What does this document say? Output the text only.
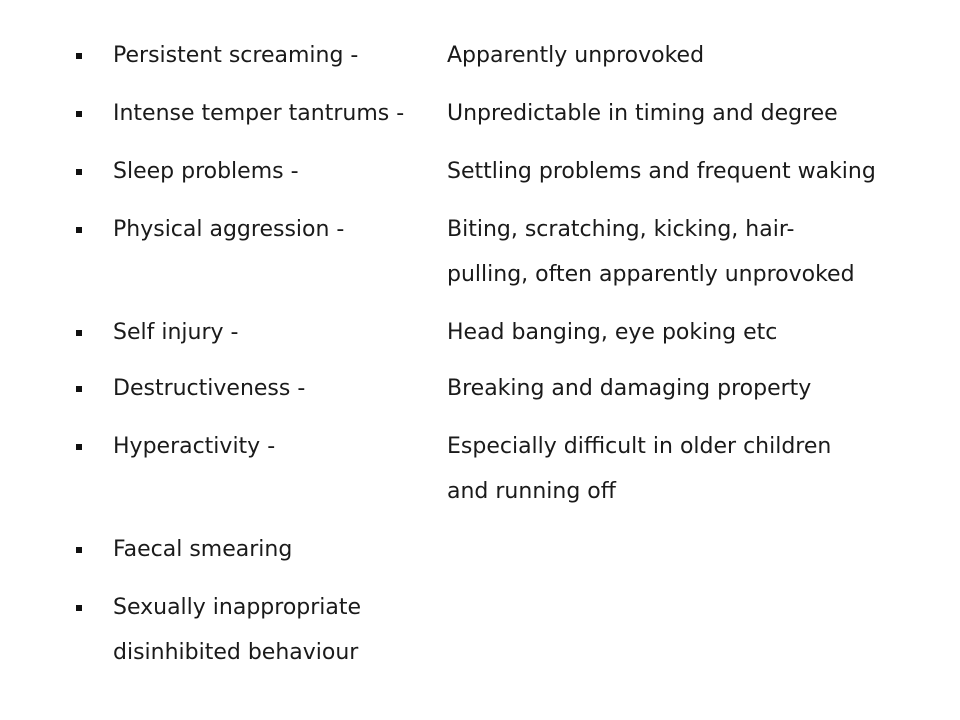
Persistent screaming -	Apparently unprovoked
Intense temper tantrums -	Unpredictable in timing and degree
Sleep problems -	Settling problems and frequent waking
Physical aggression -	Biting, scratching, kicking, hair-
pulling, often apparently unprovoked
Self injury -	Head banging, eye poking etc
Destructiveness -	Breaking and damaging property
Hyperactivity -	Especially difficult in older children
and running off
Faecal smearing
Sexually inappropriate
disinhibited behaviour
